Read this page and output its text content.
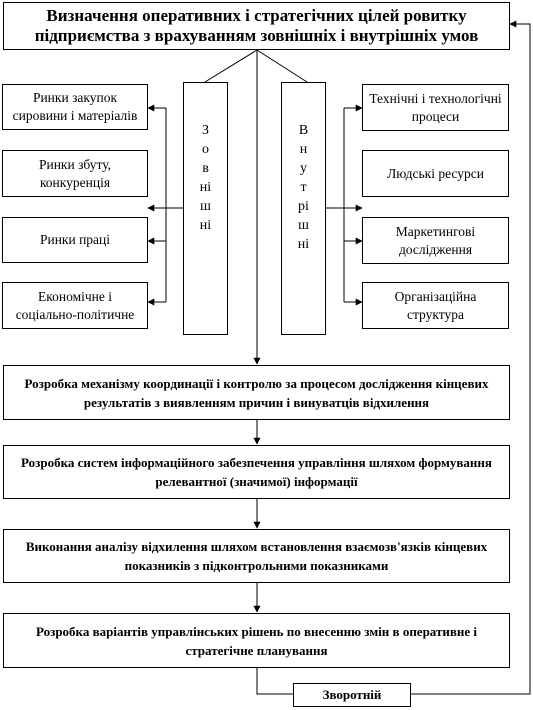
Визначення оперативних і стратегічних цілей ровитку підприємства з врахуванням зовнішніх і внутрішніх умов
Зовнішні
Ринки закупок сировини і матеріалів
Ринки збуту, конкуренція
Ринки праці
Економічне і соціально-політичне
Внутрішні
Технічні і технологічні процеси
Людські ресурси
Маркетингові дослідження
Організаційна структура
Розробка механізму координації і контролю за процесом дослідження кінцевих результатів з виявленням причин і винуватців відхилення
Розробка систем інформаційного забезпечення управління шляхом формування релевантної (значимої) інформації
Виконання аналізу відхилення шляхом встановлення взаємозв'язків кінцевих показників з підконтрольними показниками
Розробка варіантів управлінських рішень по внесенню змін в оперативне і стратегічне планування
Зворотній
